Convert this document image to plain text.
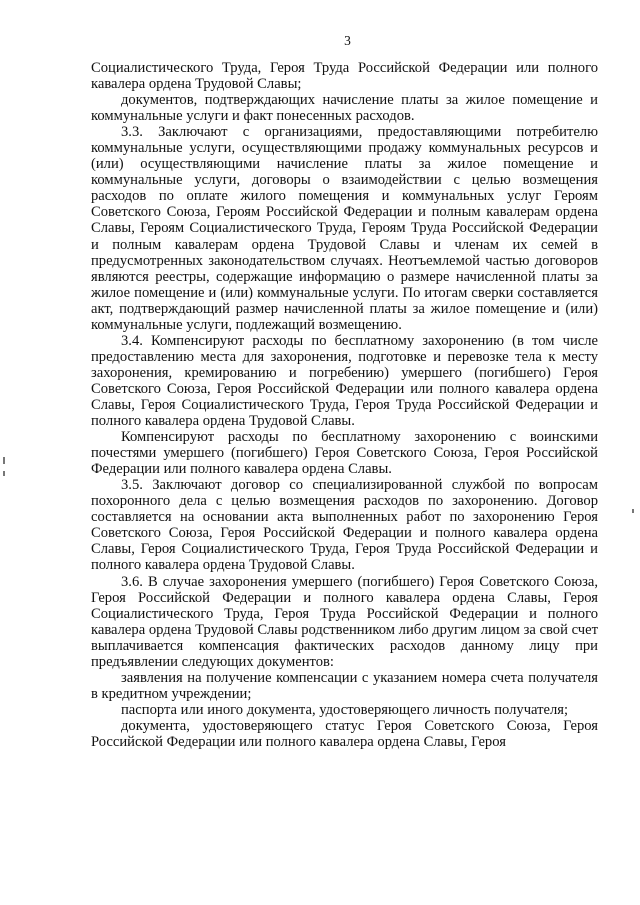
3

Социалистического Труда, Героя Труда Российской Федерации или полного кавалера ордена Трудовой Славы;

документов, подтверждающих начисление платы за жилое помещение и коммунальные услуги и факт понесенных расходов.

3.3. Заключают с организациями, предоставляющими потребителю коммунальные услуги, осуществляющими продажу коммунальных ресурсов и (или) осуществляющими начисление платы за жилое помещение и коммунальные услуги, договоры о взаимодействии с целью возмещения расходов по оплате жилого помещения и коммунальных услуг Героям Советского Союза, Героям Российской Федерации и полным кавалерам ордена Славы, Героям Социалистического Труда, Героям Труда Российской Федерации и полным кавалерам ордена Трудовой Славы и членам их семей в предусмотренных законодательством случаях. Неотъемлемой частью договоров являются реестры, содержащие информацию о размере начисленной платы за жилое помещение и (или) коммунальные услуги. По итогам сверки составляется акт, подтверждающий размер начисленной платы за жилое помещение и (или) коммунальные услуги, подлежащий возмещению.

3.4. Компенсируют расходы по бесплатному захоронению (в том числе предоставлению места для захоронения, подготовке и перевозке тела к месту захоронения, кремированию и погребению) умершего (погибшего) Героя Советского Союза, Героя Российской Федерации или полного кавалера ордена Славы, Героя Социалистического Труда, Героя Труда Российской Федерации и полного кавалера ордена Трудовой Славы.

Компенсируют расходы по бесплатному захоронению с воинскими почестями умершего (погибшего) Героя Советского Союза, Героя Российской Федерации или полного кавалера ордена Славы.

3.5. Заключают договор со специализированной службой по вопросам похоронного дела с целью возмещения расходов по захоронению. Договор составляется на основании акта выполненных работ по захоронению Героя Советского Союза, Героя Российской Федерации и полного кавалера ордена Славы, Героя Социалистического Труда, Героя Труда Российской Федерации и полного кавалера ордена Трудовой Славы.

3.6. В случае захоронения умершего (погибшего) Героя Советского Союза, Героя Российской Федерации и полного кавалера ордена Славы, Героя Социалистического Труда, Героя Труда Российской Федерации и полного кавалера ордена Трудовой Славы родственником либо другим лицом за свой счет выплачивается компенсация фактических расходов данному лицу при предъявлении следующих документов:

заявления на получение компенсации с указанием номера счета получателя в кредитном учреждении;

паспорта или иного документа, удостоверяющего личность получателя;

документа, удостоверяющего статус Героя Советского Союза, Героя Российской Федерации или полного кавалера ордена Славы, Героя
